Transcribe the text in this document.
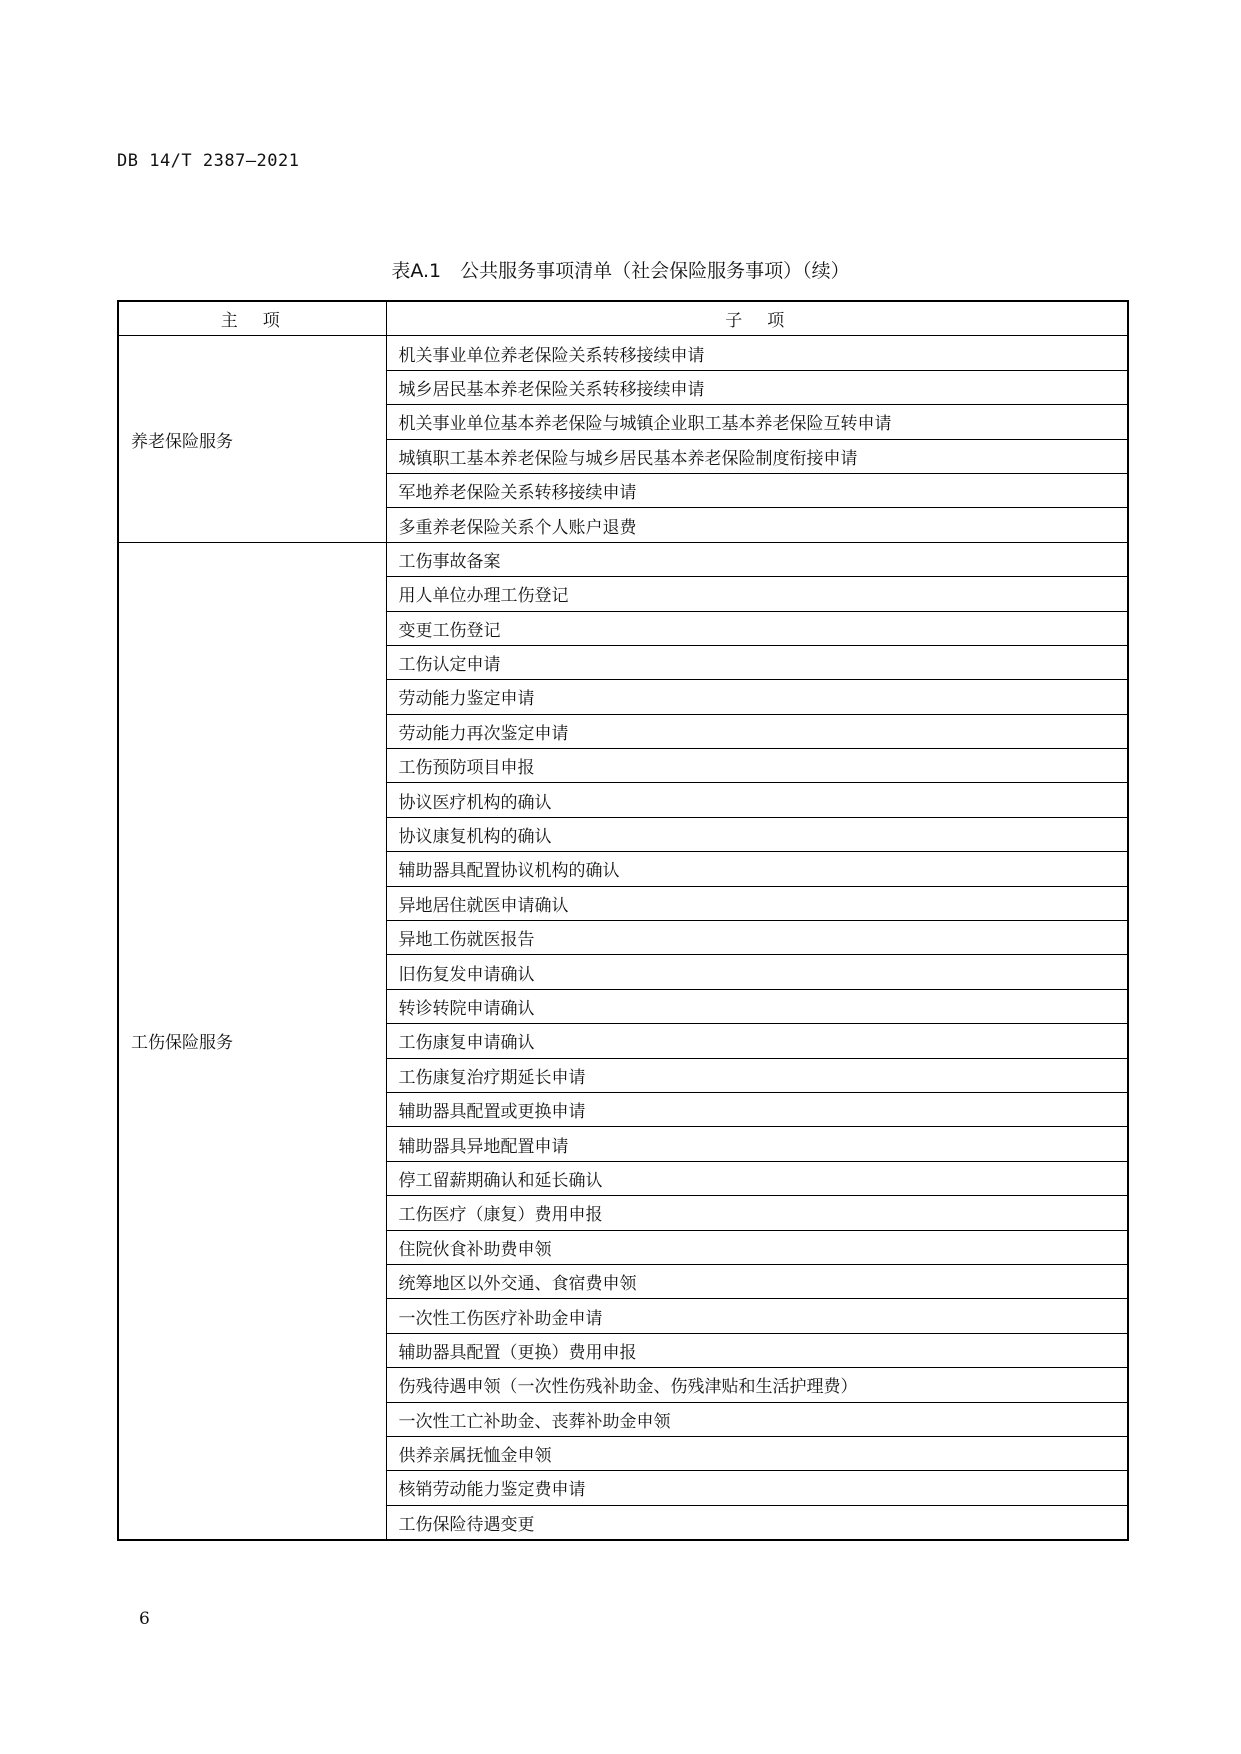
DB 14/T 2387—2021
表A.1　公共服务事项清单（社会保险服务事项）（续）
主　项	子　项
养老保险服务	机关事业单位养老保险关系转移接续申请
	城乡居民基本养老保险关系转移接续申请
	机关事业单位基本养老保险与城镇企业职工基本养老保险互转申请
	城镇职工基本养老保险与城乡居民基本养老保险制度衔接申请
	军地养老保险关系转移接续申请
	多重养老保险关系个人账户退费
工伤保险服务	工伤事故备案
	用人单位办理工伤登记
	变更工伤登记
	工伤认定申请
	劳动能力鉴定申请
	劳动能力再次鉴定申请
	工伤预防项目申报
	协议医疗机构的确认
	协议康复机构的确认
	辅助器具配置协议机构的确认
	异地居住就医申请确认
	异地工伤就医报告
	旧伤复发申请确认
	转诊转院申请确认
	工伤康复申请确认
	工伤康复治疗期延长申请
	辅助器具配置或更换申请
	辅助器具异地配置申请
	停工留薪期确认和延长确认
	工伤医疗（康复）费用申报
	住院伙食补助费申领
	统筹地区以外交通、食宿费申领
	一次性工伤医疗补助金申请
	辅助器具配置（更换）费用申报
	伤残待遇申领（一次性伤残补助金、伤残津贴和生活护理费）
	一次性工亡补助金、丧葬补助金申领
	供养亲属抚恤金申领
	核销劳动能力鉴定费申请
	工伤保险待遇变更
6
